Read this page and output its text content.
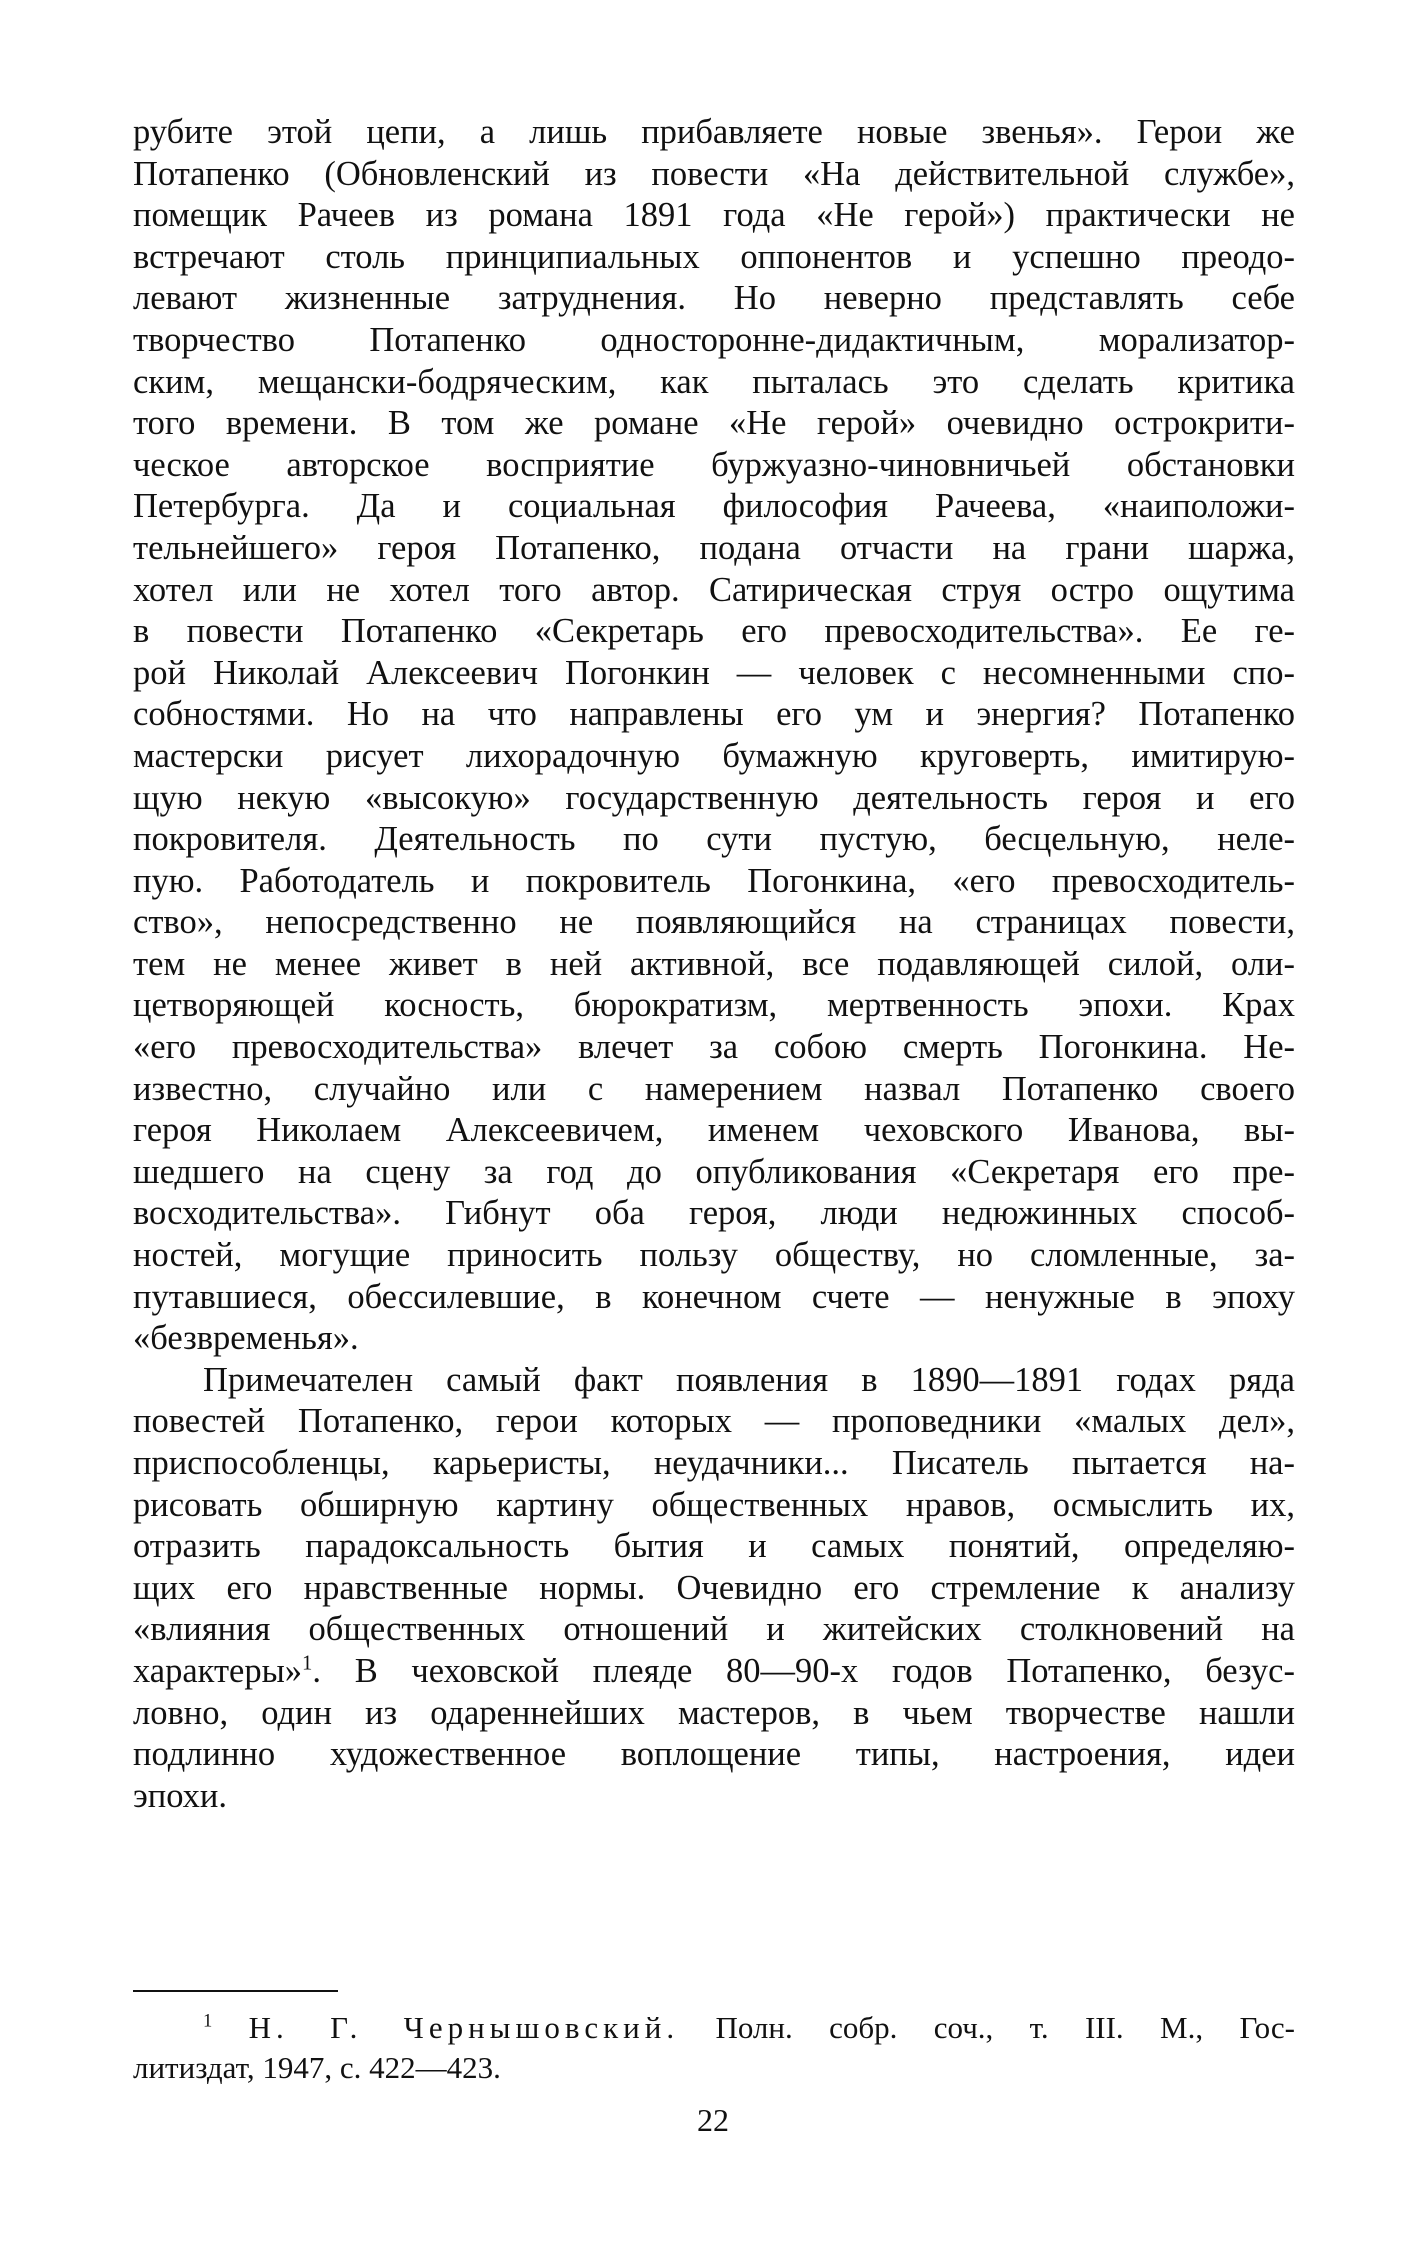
рубите этой цепи, а лишь прибавляете новые звенья». Герои же
Потапенко (Обновленский из повести «На действительной службе»,
помещик Рачеев из романа 1891 года «Не герой») практически не
встречают столь принципиальных оппонентов и успешно преодо-
левают жизненные затруднения. Но неверно представлять себе
творчество Потапенко одностороннe-дидактичным, морализатор-
ским, мещански-бодряческим, как пыталась это сделать критика
того времени. В том же романе «Не герой» очевидно острокрити-
ческое авторское восприятие буржуазно-чиновничьей обстановки
Петербурга. Да и социальная философия Рачеева, «наиположи-
тельнейшего» героя Потапенко, подана отчасти на грани шаржа,
хотел или не хотел того автор. Сатирическая струя остро ощутима
в повести Потапенко «Секретарь его превосходительства». Ее ге-
рой Николай Алексеевич Погонкин — человек с несомненными спо-
собностями. Но на что направлены его ум и энергия? Потапенко
мастерски рисует лихорадочную бумажную круговерть, имитирую-
щую некую «высокую» государственную деятельность героя и его
покровителя. Деятельность по сути пустую, бесцельную, неле-
пую. Работодатель и покровитель Погонкина, «его превосходитель-
ство», непосредственно не появляющийся на страницах повести,
тем не менее живет в ней активной, все подавляющей силой, оли-
цетворяющей косность, бюрократизм, мертвенность эпохи. Крах
«его превосходительства» влечет за собою смерть Погонкина. Не-
известно, случайно или с намерением назвал Потапенко своего
героя Николаем Алексеевичем, именем чеховского Иванова, вы-
шедшего на сцену за год до опубликования «Секретаря его пре-
восходительства». Гибнут оба героя, люди недюжинных способ-
ностей, могущие приносить пользу обществу, но сломленные, за-
путавшиеся, обессилевшие, в конечном счете — ненужные в эпоху
«безвременья».
Примечателен самый факт появления в 1890—1891 годах ряда
повестей Потапенко, герои которых — проповедники «малых дел»,
приспособленцы, карьеристы, неудачники... Писатель пытается на-
рисовать обширную картину общественных нравов, осмыслить их,
отразить парадоксальность бытия и самых понятий, определяю-
щих его нравственные нормы. Очевидно его стремление к анализу
«влияния общественных отношений и житейских столкновений на
характеры»$^1$. В чеховской плеяде 80—90-х годов Потапенко, безус-
ловно, один из одареннейших мастеров, в чьем творчестве нашли
подлинно художественное воплощение типы, настроения, идеи
эпохи.
$^1$ Н. Г. Чернышовский. Полн. собр. соч., т. III. М., Гос-
литиздат, 1947, с. 422—423.
22
